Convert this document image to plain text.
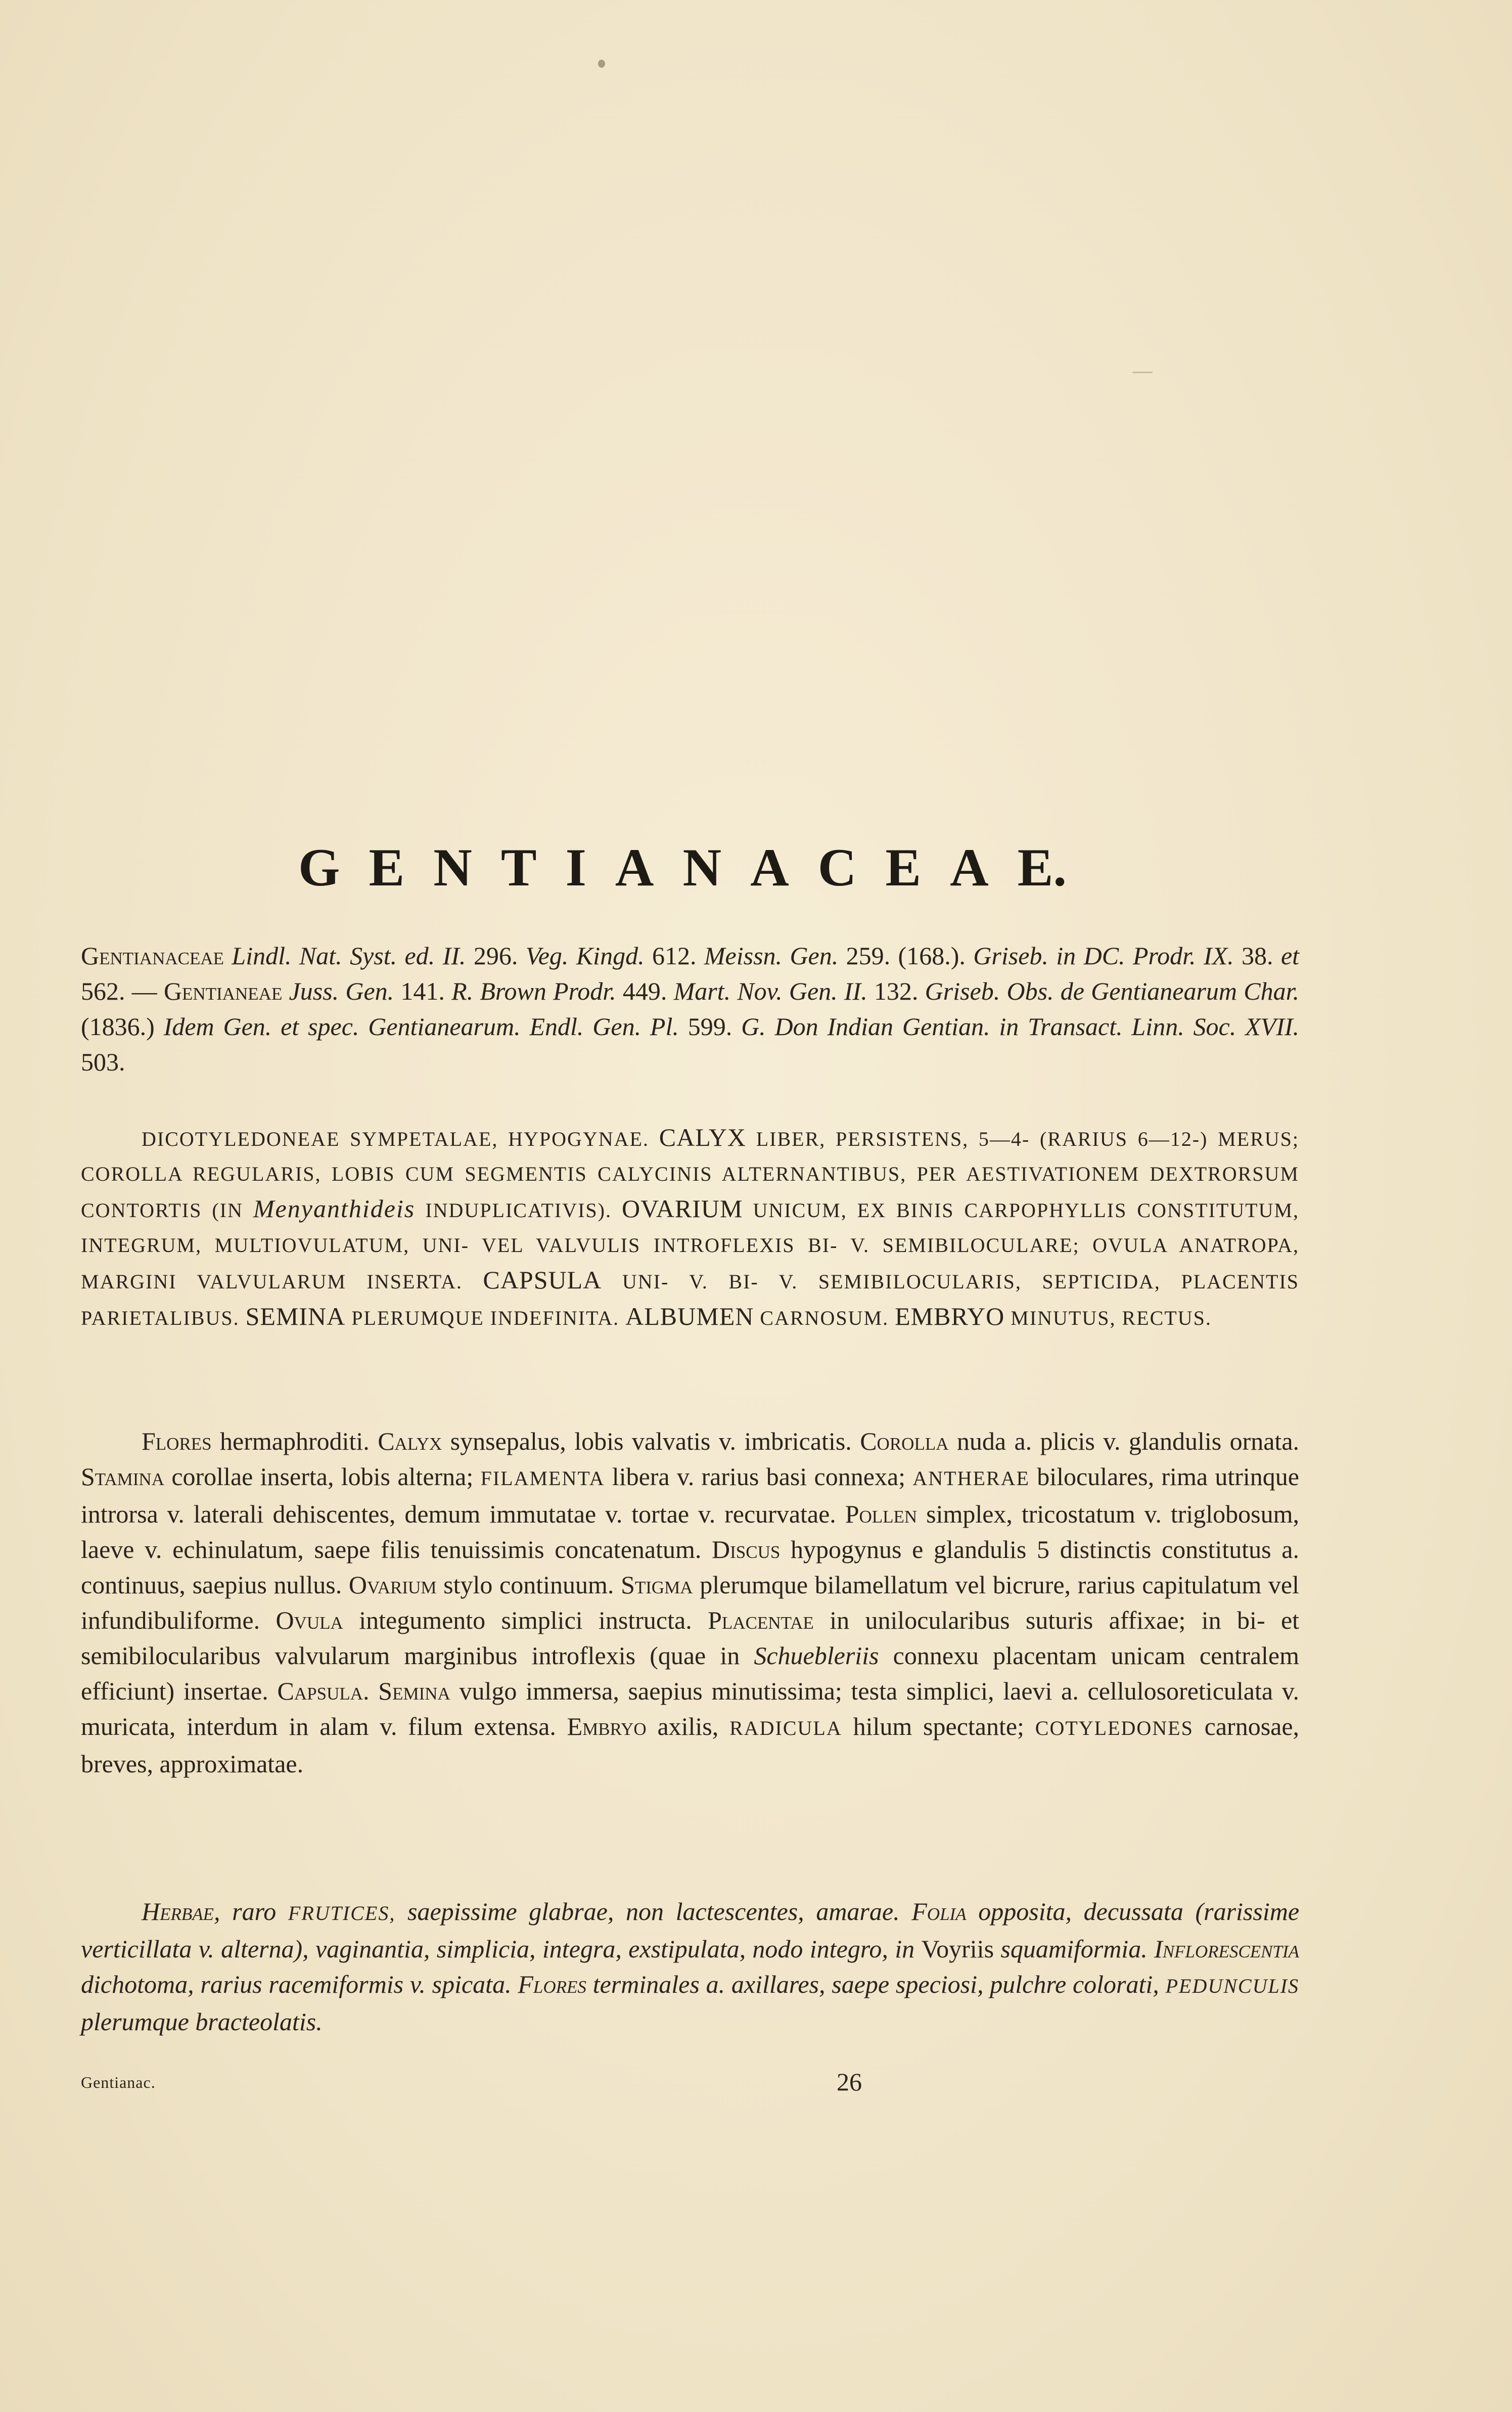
G E N T I A N A C E A E.
Gentianaceae Lindl. Nat. Syst. ed. II. 296. Veg. Kingd. 612. Meissn. Gen. 259. (168.). Griseb. in DC. Prodr. IX. 38. et 562. — Gentianeae Juss. Gen. 141. R. Brown Prodr. 449. Mart. Nov. Gen. II. 132. Griseb. Obs. de Gentianearum Char. (1836.) Idem Gen. et spec. Gentianearum. Endl. Gen. Pl. 599. G. Don Indian Gentian. in Transact. Linn. Soc. XVII. 503.
DICOTYLEDONEAE SYMPETALAE, HYPOGYNAE. CALYX LIBER, PERSISTENS, 5—4- (RARIUS 6—12-) MERUS; COROLLA REGULARIS, LOBIS CUM SEGMENTIS CALYCINIS ALTERNANTIBUS, PER AESTIVATIONEM DEXTRORSUM CONTORTIS (IN Menyanthideis INDUPLICATIVIS). OVARIUM UNICUM, EX BINIS CARPOPHYLLIS CONSTITUTUM, INTEGRUM, MULTIOVULATUM, UNI- VEL VALVULIS INTROFLEXIS BI- V. SEMIBILOCULARE; OVULA ANATROPA, MARGINI VALVULARUM INSERTA. CAPSULA UNI- V. BI- V. SEMIBILOCULARIS, SEPTICIDA, PLACENTIS PARIETALIBUS. SEMINA PLERUMQUE INDEFINITA. ALBUMEN CARNOSUM. EMBRYO MINUTUS, RECTUS.
Flores hermaphroditi. Calyx synsepalus, lobis valvatis v. imbricatis. Corolla nuda a. plicis v. glandulis ornata. Stamina corollae inserta, lobis alterna; FILAMENTA libera v. rarius basi connexa; ANTHERAE biloculares, rima utrinque introrsa v. laterali dehiscentes, demum immutatae v. tortae v. recurvatae. Pollen simplex, tricostatum v. triglobosum, laeve v. echinulatum, saepe filis tenuissimis concatenatum. Discus hypogynus e glandulis 5 distinctis constitutus a. continuus, saepius nullus. Ovarium stylo continuum. Stigma plerumque bilamellatum vel bicrure, rarius capitulatum vel infundibuliforme. Ovula integumento simplici instructa. Placentae in unilocularibus suturis affixae; in bi- et semibilocularibus valvularum marginibus introflexis (quae in Schuebleriis connexu placentam unicam centralem efficiunt) insertae. Capsula. Semina vulgo immersa, saepius minutissima; testa simplici, laevi a. cellulosoreticulata v. muricata, interdum in alam v. filum extensa. Embryo axilis, RADICULA hilum spectante; COTYLEDONES carnosae, breves, approximatae.
Herbae, raro FRUTICES, saepissime glabrae, non lactescentes, amarae. Folia opposita, decussata (rarissime verticillata v. alterna), vaginantia, simplicia, integra, exstipulata, nodo integro, in Voyriis squamiformia. Inflorescentia dichotoma, rarius racemiformis v. spicata. Flores terminales a. axillares, saepe speciosi, pulchre colorati, PEDUNCULIS plerumque bracteolatis.
Gentianac.	26
